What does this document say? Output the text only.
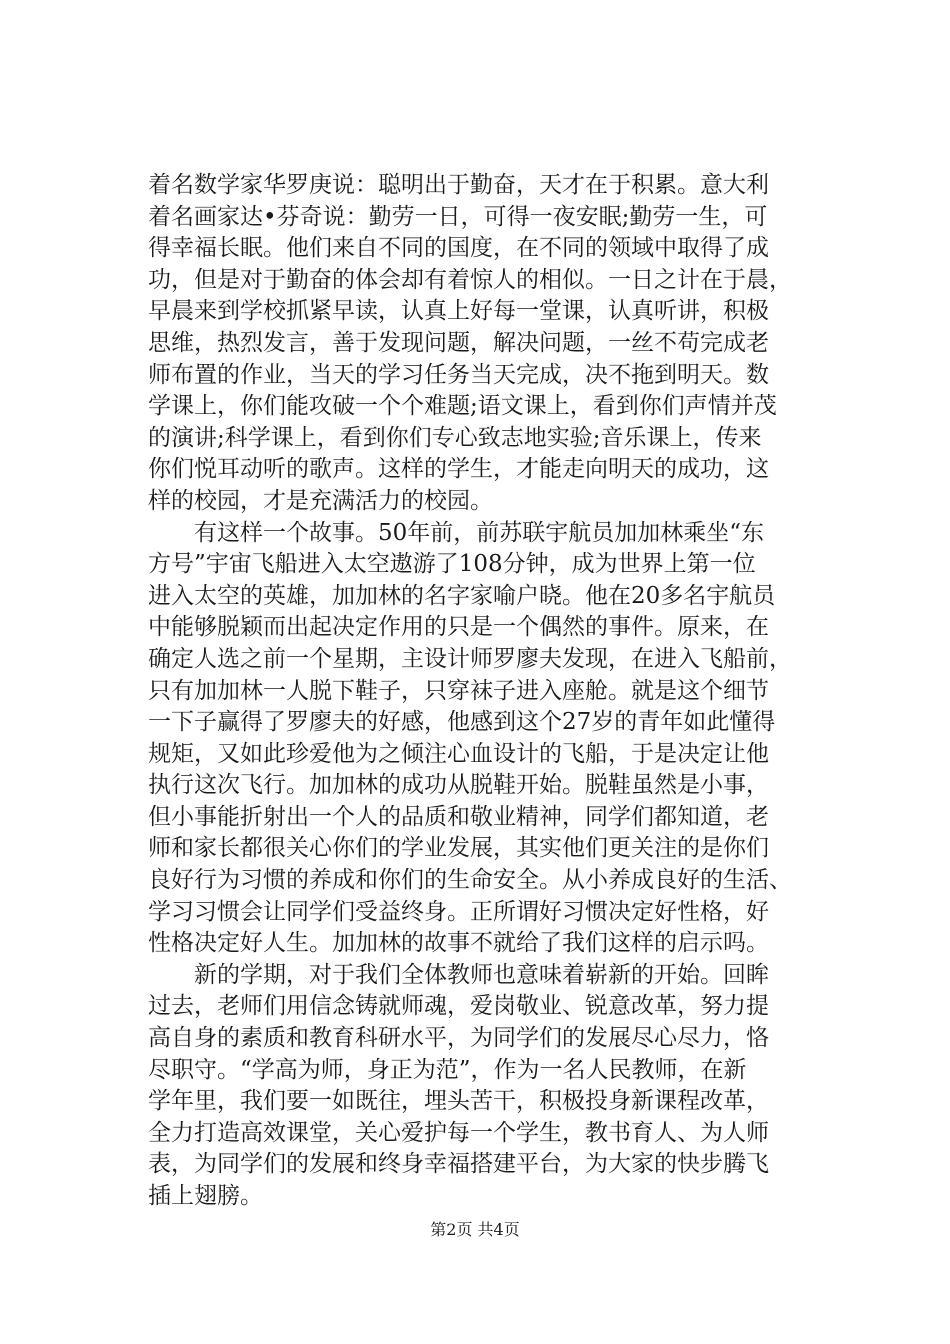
着名数学家华罗庚说：聪明出于勤奋，天才在于积累。意大利
着名画家达•芬奇说：勤劳一日，可得一夜安眠;勤劳一生，可
得幸福长眠。他们来自不同的国度，在不同的领域中取得了成
功，但是对于勤奋的体会却有着惊人的相似。一日之计在于晨，
早晨来到学校抓紧早读，认真上好每一堂课，认真听讲，积极
思维，热烈发言，善于发现问题，解决问题，一丝不苟完成老
师布置的作业，当天的学习任务当天完成，决不拖到明天。数
学课上，你们能攻破一个个难题;语文课上，看到你们声情并茂
的演讲;科学课上，看到你们专心致志地实验;音乐课上，传来
你们悦耳动听的歌声。这样的学生，才能走向明天的成功，这
样的校园，才是充满活力的校园。
　　有这样一个故事。50年前，前苏联宇航员加加林乘坐“东
方号”宇宙飞船进入太空遨游了108分钟，成为世界上第一位
进入太空的英雄，加加林的名字家喻户晓。他在20多名宇航员
中能够脱颖而出起决定作用的只是一个偶然的事件。原来，在
确定人选之前一个星期，主设计师罗廖夫发现，在进入飞船前，
只有加加林一人脱下鞋子，只穿袜子进入座舱。就是这个细节
一下子赢得了罗廖夫的好感，他感到这个27岁的青年如此懂得
规矩，又如此珍爱他为之倾注心血设计的飞船，于是决定让他
执行这次飞行。加加林的成功从脱鞋开始。脱鞋虽然是小事，
但小事能折射出一个人的品质和敬业精神，同学们都知道，老
师和家长都很关心你们的学业发展，其实他们更关注的是你们
良好行为习惯的养成和你们的生命安全。从小养成良好的生活、
学习习惯会让同学们受益终身。正所谓好习惯决定好性格，好
性格决定好人生。加加林的故事不就给了我们这样的启示吗。
　　新的学期，对于我们全体教师也意味着崭新的开始。回眸
过去，老师们用信念铸就师魂，爱岗敬业、锐意改革，努力提
高自身的素质和教育科研水平，为同学们的发展尽心尽力，恪
尽职守。“学高为师，身正为范”，作为一名人民教师，在新
学年里，我们要一如既往，埋头苦干，积极投身新课程改革，
全力打造高效课堂，关心爱护每一个学生，教书育人、为人师
表，为同学们的发展和终身幸福搭建平台，为大家的快步腾飞
插上翅膀。
第2页 共4页
